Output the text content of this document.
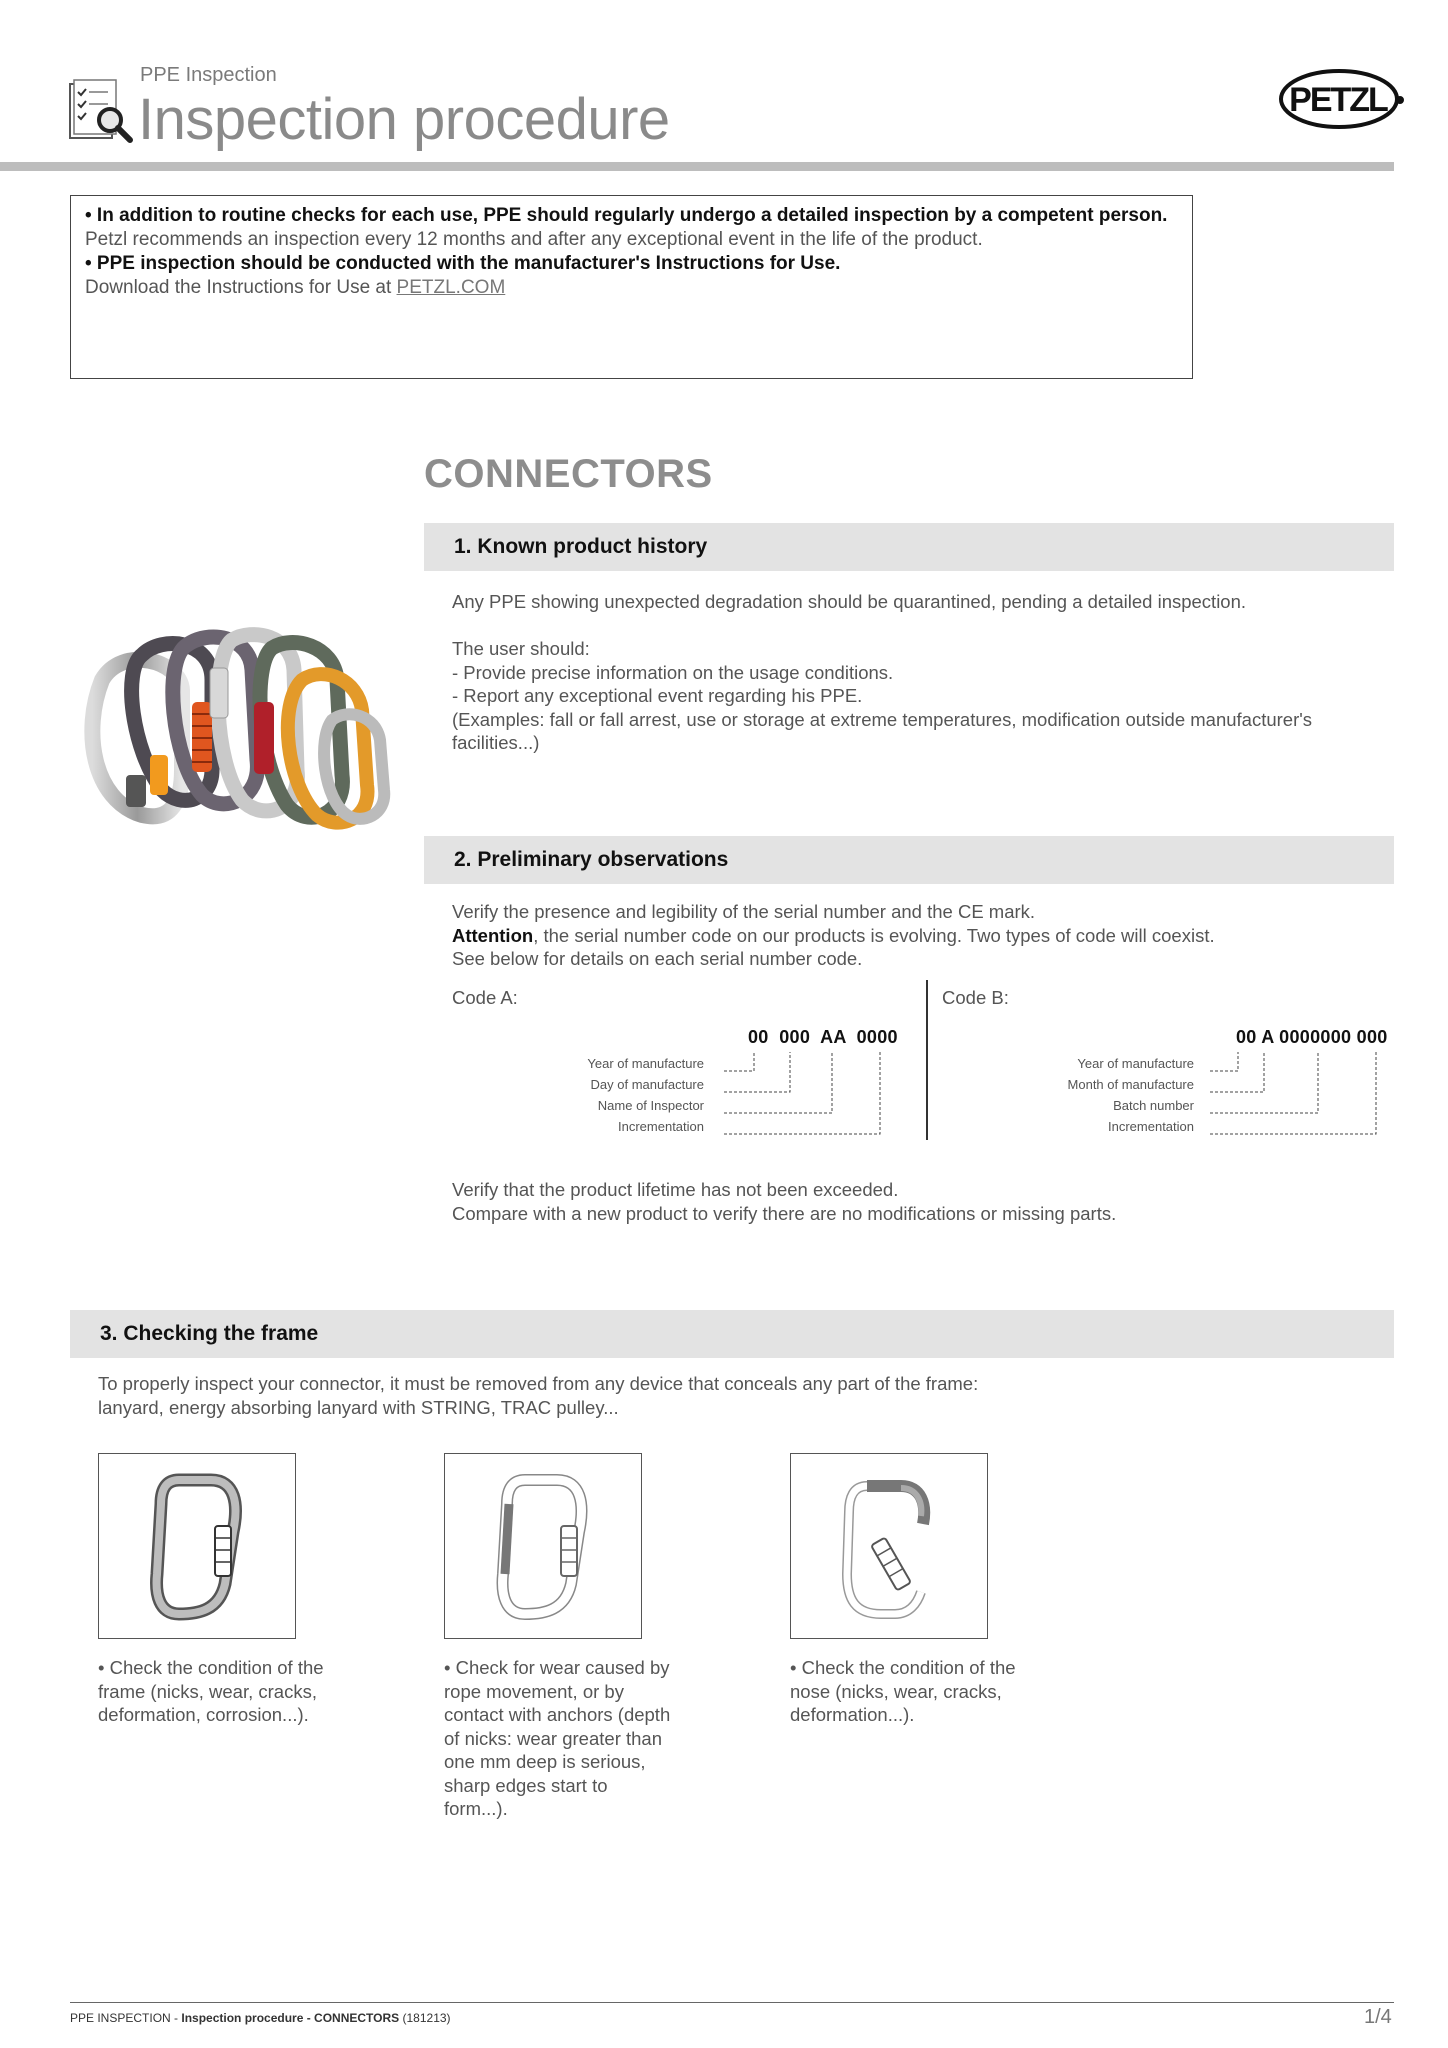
PPE Inspection
Inspection procedure	PETZL
• In addition to routine checks for each use, PPE should regularly undergo a detailed inspection by a competent person.
Petzl recommends an inspection every 12 months and after any exceptional event in the life of the product.
• PPE inspection should be conducted with the manufacturer's Instructions for Use.
Download the Instructions for Use at PETZL.COM
CONNECTORS
1. Known product history

Any PPE showing unexpected degradation should be quarantined, pending a detailed inspection.

The user should:

- Provide precise information on the usage conditions.

- Report any exceptional event regarding his PPE.

(Examples: fall or fall arrest, use or storage at extreme temperatures, modification outside manufacturer's facilities...)

2. Preliminary observations

Verify the presence and legibility of the serial number and the CE mark.

Attention, the serial number code on our products is evolving. Two types of code will coexist.

See below for details on each serial number code.

Code A:
00  000  AA  0000
Year of manufacture
Day of manufacture
Name of Inspector
Incrementation
Code B:
00 A 0000000 000
Year of manufacture
Month of manufacture
Batch number
Incrementation

Verify that the product lifetime has not been exceeded.

Compare with a new product to verify there are no modifications or missing parts.

3. Checking the frame

To properly inspect your connector, it must be removed from any device that conceals any part of the frame:

lanyard, energy absorbing lanyard with STRING, TRAC pulley...

• Check the condition of the frame (nicks, wear, cracks, deformation, corrosion...).
• Check for wear caused by rope movement, or by contact with anchors (depth of nicks: wear greater than one mm deep is serious, sharp edges start to form...).
• Check the condition of the nose (nicks, wear, cracks, deformation...).
PPE INSPECTION - Inspection procedure - CONNECTORS (181213)	1/4
